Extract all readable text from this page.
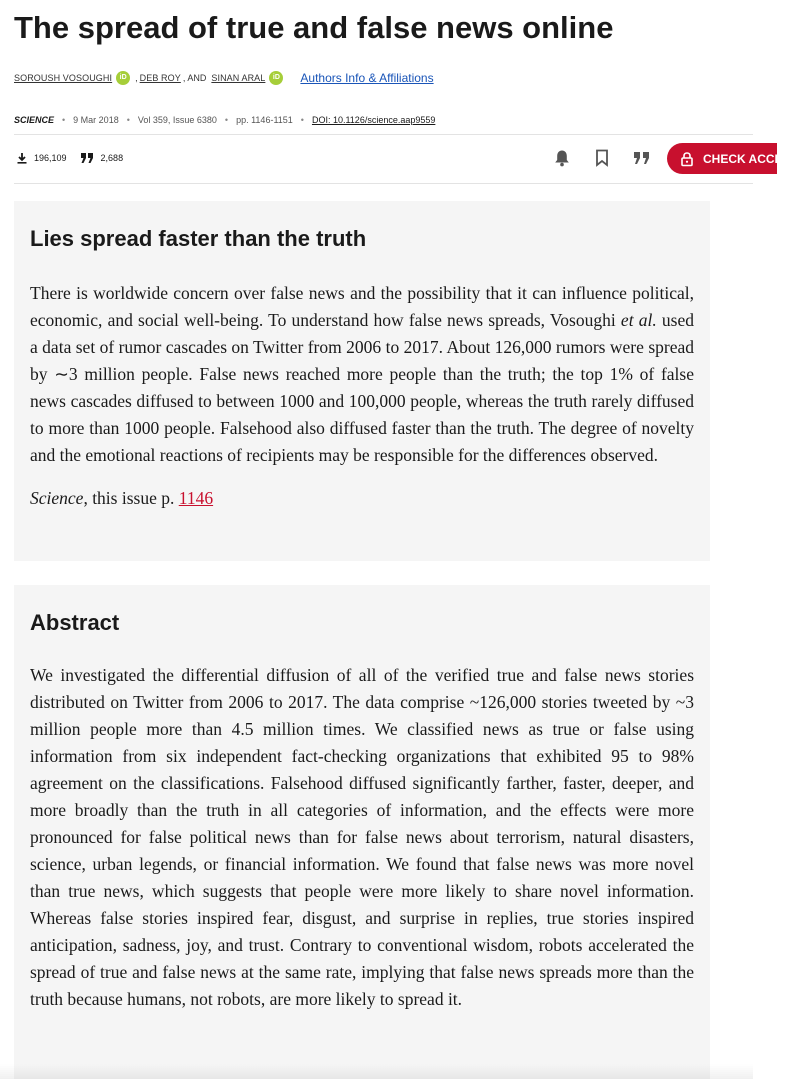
The spread of true and false news online
SOROUSH VOSOUGHI iD	, DEB ROY , AND SINAN ARAL iD	Authors Info & Affiliations
SCIENCE • 9 Mar 2018 • Vol 359, Issue 6380 • pp. 1146-1151 • DOI: 10.1126/science.aap9559
196,109	2,688	CHECK ACCESS
Lies spread faster than the truth

There is worldwide concern over false news and the possibility that it can influence political, economic, and social well-being. To understand how false news spreads, Vosoughi et al. used a data set of rumor cascades on Twitter from 2006 to 2017. About 126,000 rumors were spread by ∼3 million people. False news reached more people than the truth; the top 1% of false news cascades diffused to between 1000 and 100,000 people, whereas the truth rarely diffused to more than 1000 people. Falsehood also diffused faster than the truth. The degree of novelty and the emotional reactions of recipients may be responsible for the differences observed.

Science, this issue p. 1146
Abstract

We investigated the differential diffusion of all of the verified true and false news stories distributed on Twitter from 2006 to 2017. The data comprise ~126,000 stories tweeted by ~3 million people more than 4.5 million times. We classified news as true or false using information from six independent fact-checking organizations that exhibited 95 to 98% agreement on the classifications. Falsehood diffused significantly farther, faster, deeper, and more broadly than the truth in all categories of information, and the effects were more pronounced for false political news than for false news about terrorism, natural disasters, science, urban legends, or financial information. We found that false news was more novel than true news, which suggests that people were more likely to share novel information. Whereas false stories inspired fear, disgust, and surprise in replies, true stories inspired anticipation, sadness, joy, and trust. Contrary to conventional wisdom, robots accelerated the spread of true and false news at the same rate, implying that false news spreads more than the truth because humans, not robots, are more likely to spread it.
